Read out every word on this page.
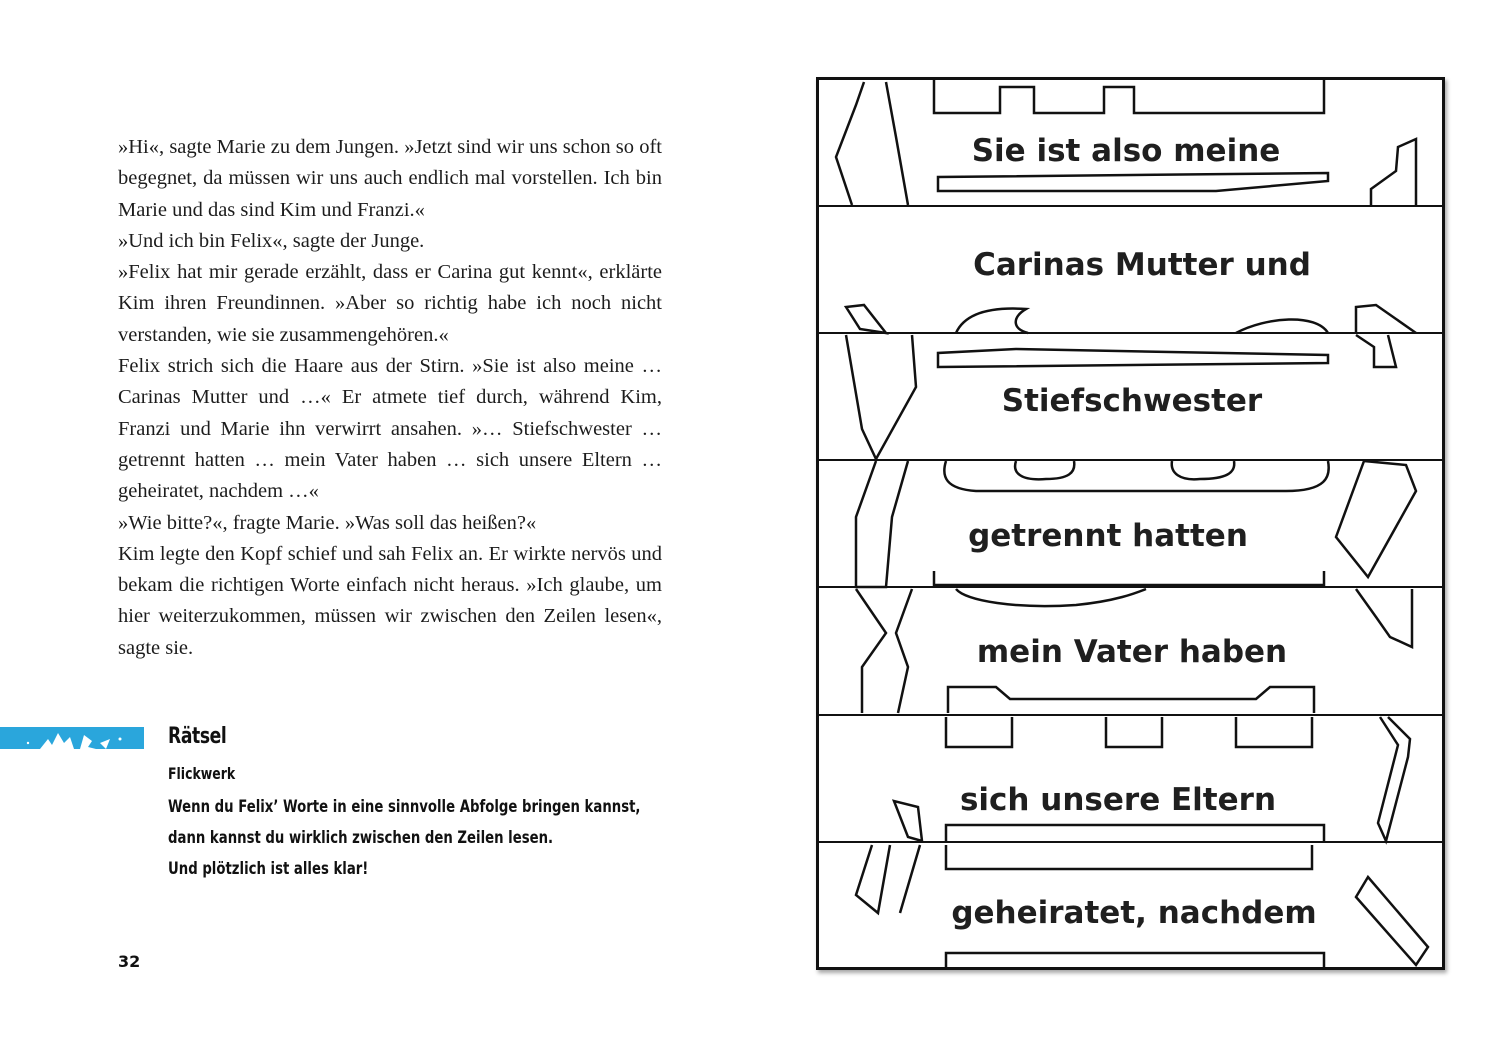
»Hi«, sagte Marie zu dem Jungen. »Jetzt sind wir uns schon so oft begegnet, da müssen wir uns auch endlich mal vorstellen. Ich bin Marie und das sind Kim und Franzi.«

»Und ich bin Felix«, sagte der Junge.

»Felix hat mir gerade erzählt, dass er Carina gut kennt«, erklärte Kim ihren Freundinnen. »Aber so richtig habe ich noch nicht verstanden, wie sie zusammengehören.«

Felix strich sich die Haare aus der Stirn. »Sie ist also meine … Carinas Mutter und …« Er atmete tief durch, während Kim, Franzi und Marie ihn verwirrt ansahen. »… Stiefschwester … getrennt hatten … mein Vater haben … sich unsere Eltern … geheiratet, nachdem …«

»Wie bitte?«, fragte Marie. »Was soll das heißen?«

Kim legte den Kopf schief und sah Felix an. Er wirkte nervös und bekam die richtigen Worte einfach nicht heraus. »Ich glaube, um hier weiterzukommen, müssen wir zwischen den Zeilen lesen«, sagte sie.

Rätsel
Flickwerk
Wenn du Felix’ Worte in eine sinnvolle Abfolge bringen kannst,
dann kannst du wirklich zwischen den Zeilen lesen.
Und plötzlich ist alles klar!
32
Sie ist also meine
Carinas Mutter und
Stiefschwester
getrennt hatten
mein Vater haben
sich unsere Eltern
geheiratet, nachdem
